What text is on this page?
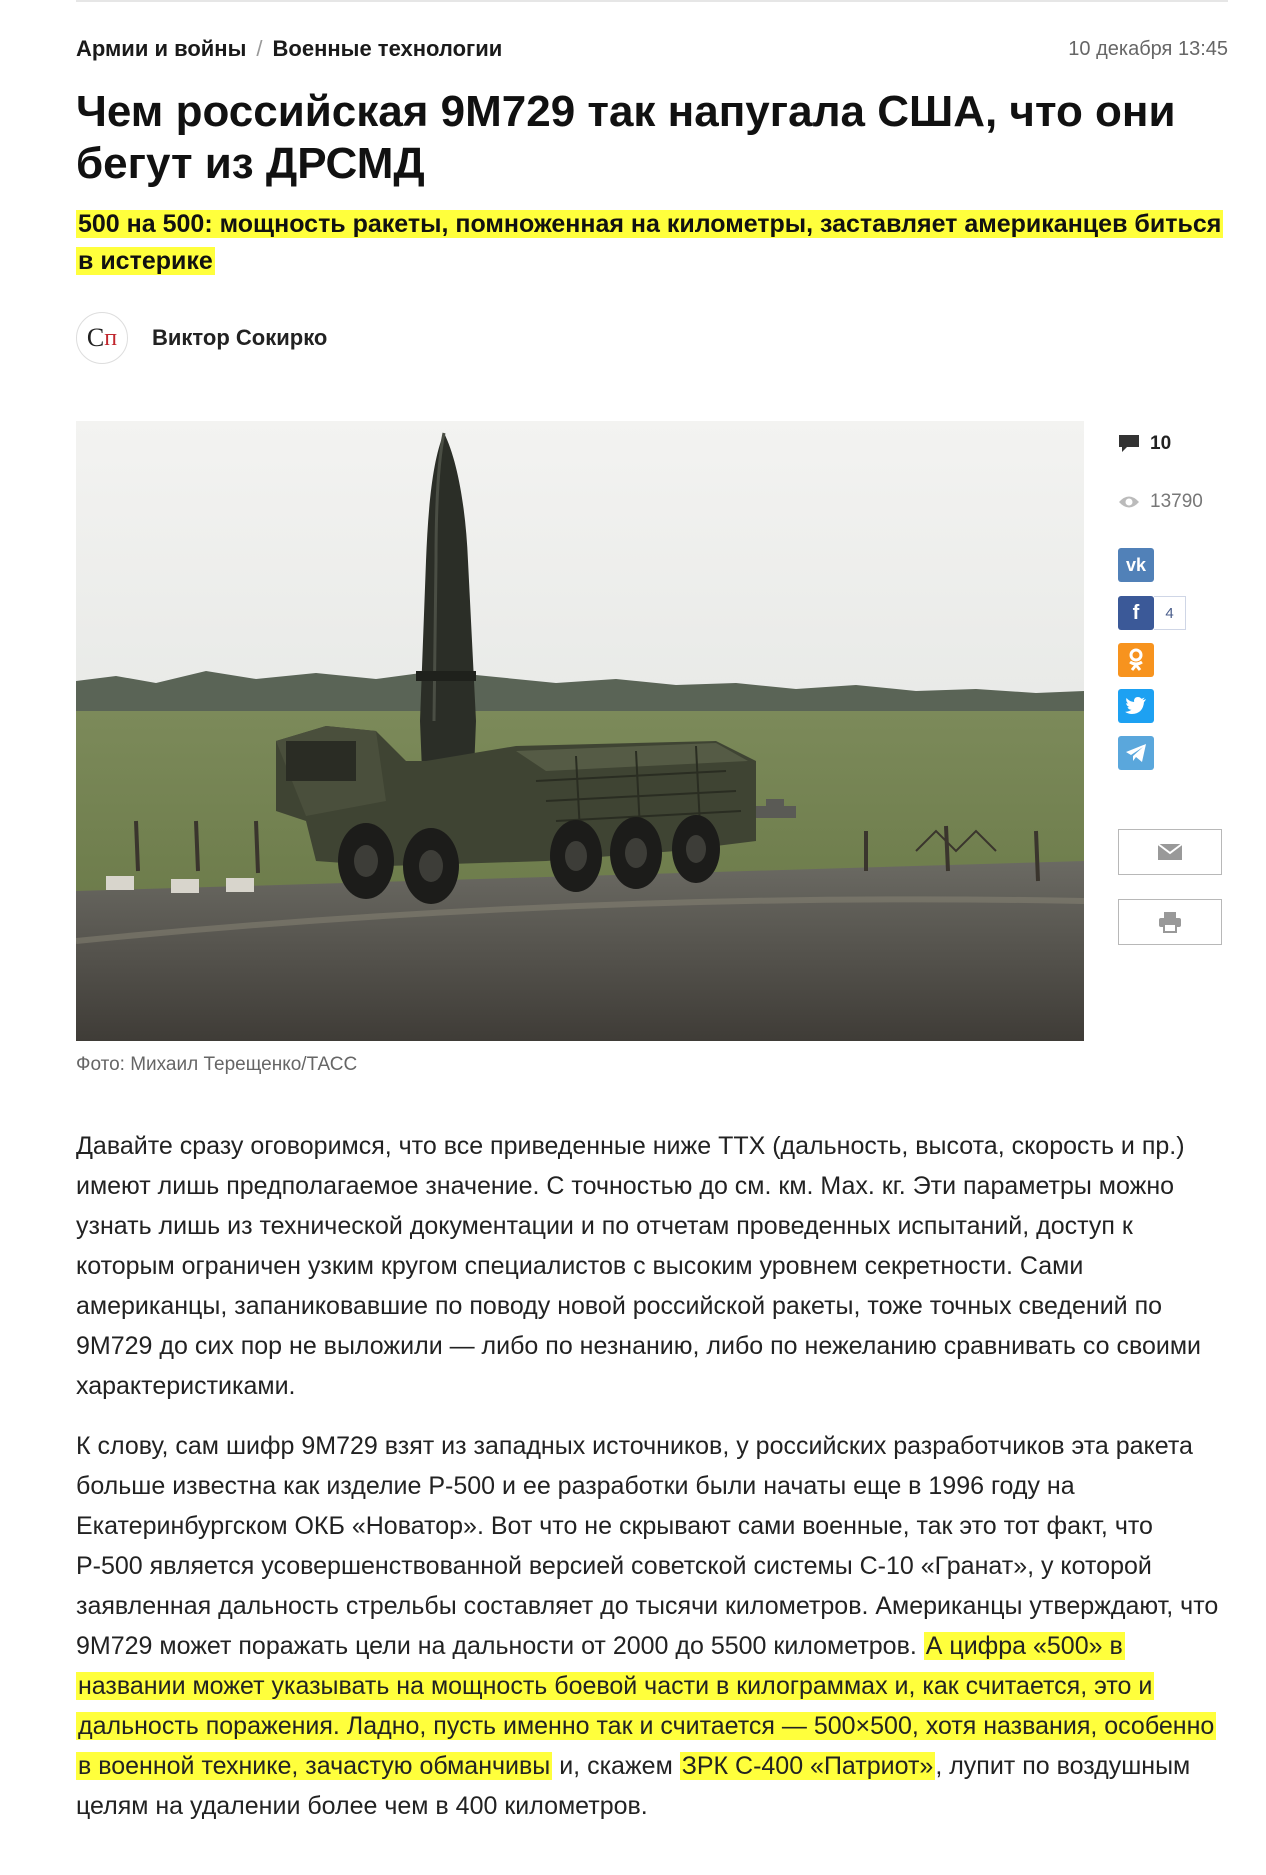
Армии и войны / Военные технологии	10 декабря 13:45
Чем российская 9М729 так напугала США, что они бегут из ДРСМД
500 на 500: мощность ракеты, помноженная на километры, заставляет американцев биться в истерике
С п Виктор Сокирко
Фото: Михаил Терещенко/ТАСС
10
13790
vk
f	4

Давайте сразу оговоримся, что все приведенные ниже ТТХ (дальность, высота, скорость и пр.) имеют лишь предполагаемое значение. С точностью до см. км. Мах. кг. Эти параметры можно узнать лишь из технической документации и по отчетам проведенных испытаний, доступ к которым ограничен узким кругом специалистов с высоким уровнем секретности. Сами американцы, запаниковавшие по поводу новой российской ракеты, тоже точных сведений по 9М729 до сих пор не выложили — либо по незнанию, либо по нежеланию сравнивать со своими характеристиками.

К слову, сам шифр 9М729 взят из западных источников, у российских разработчиков эта ракета больше известна как изделие Р-500 и ее разработки были начаты еще в 1996 году на Екатеринбургском ОКБ «Новатор». Вот что не скрывают сами военные, так это тот факт, что Р-500 является усовершенствованной версией советской системы С-10 «Гранат», у которой заявленная дальность стрельбы составляет до тысячи километров. Американцы утверждают, что 9М729 может поражать цели на дальности от 2000 до 5500 километров. А цифра «500» в названии может указывать на мощность боевой части в килограммах и, как считается, это и дальность поражения. Ладно, пусть именно так и считается — 500×500, хотя названия, особенно в военной технике, зачастую обманчивы и, скажем ЗРК С-400 «Патриот», лупит по воздушным целям на удалении более чем в 400 километров.
